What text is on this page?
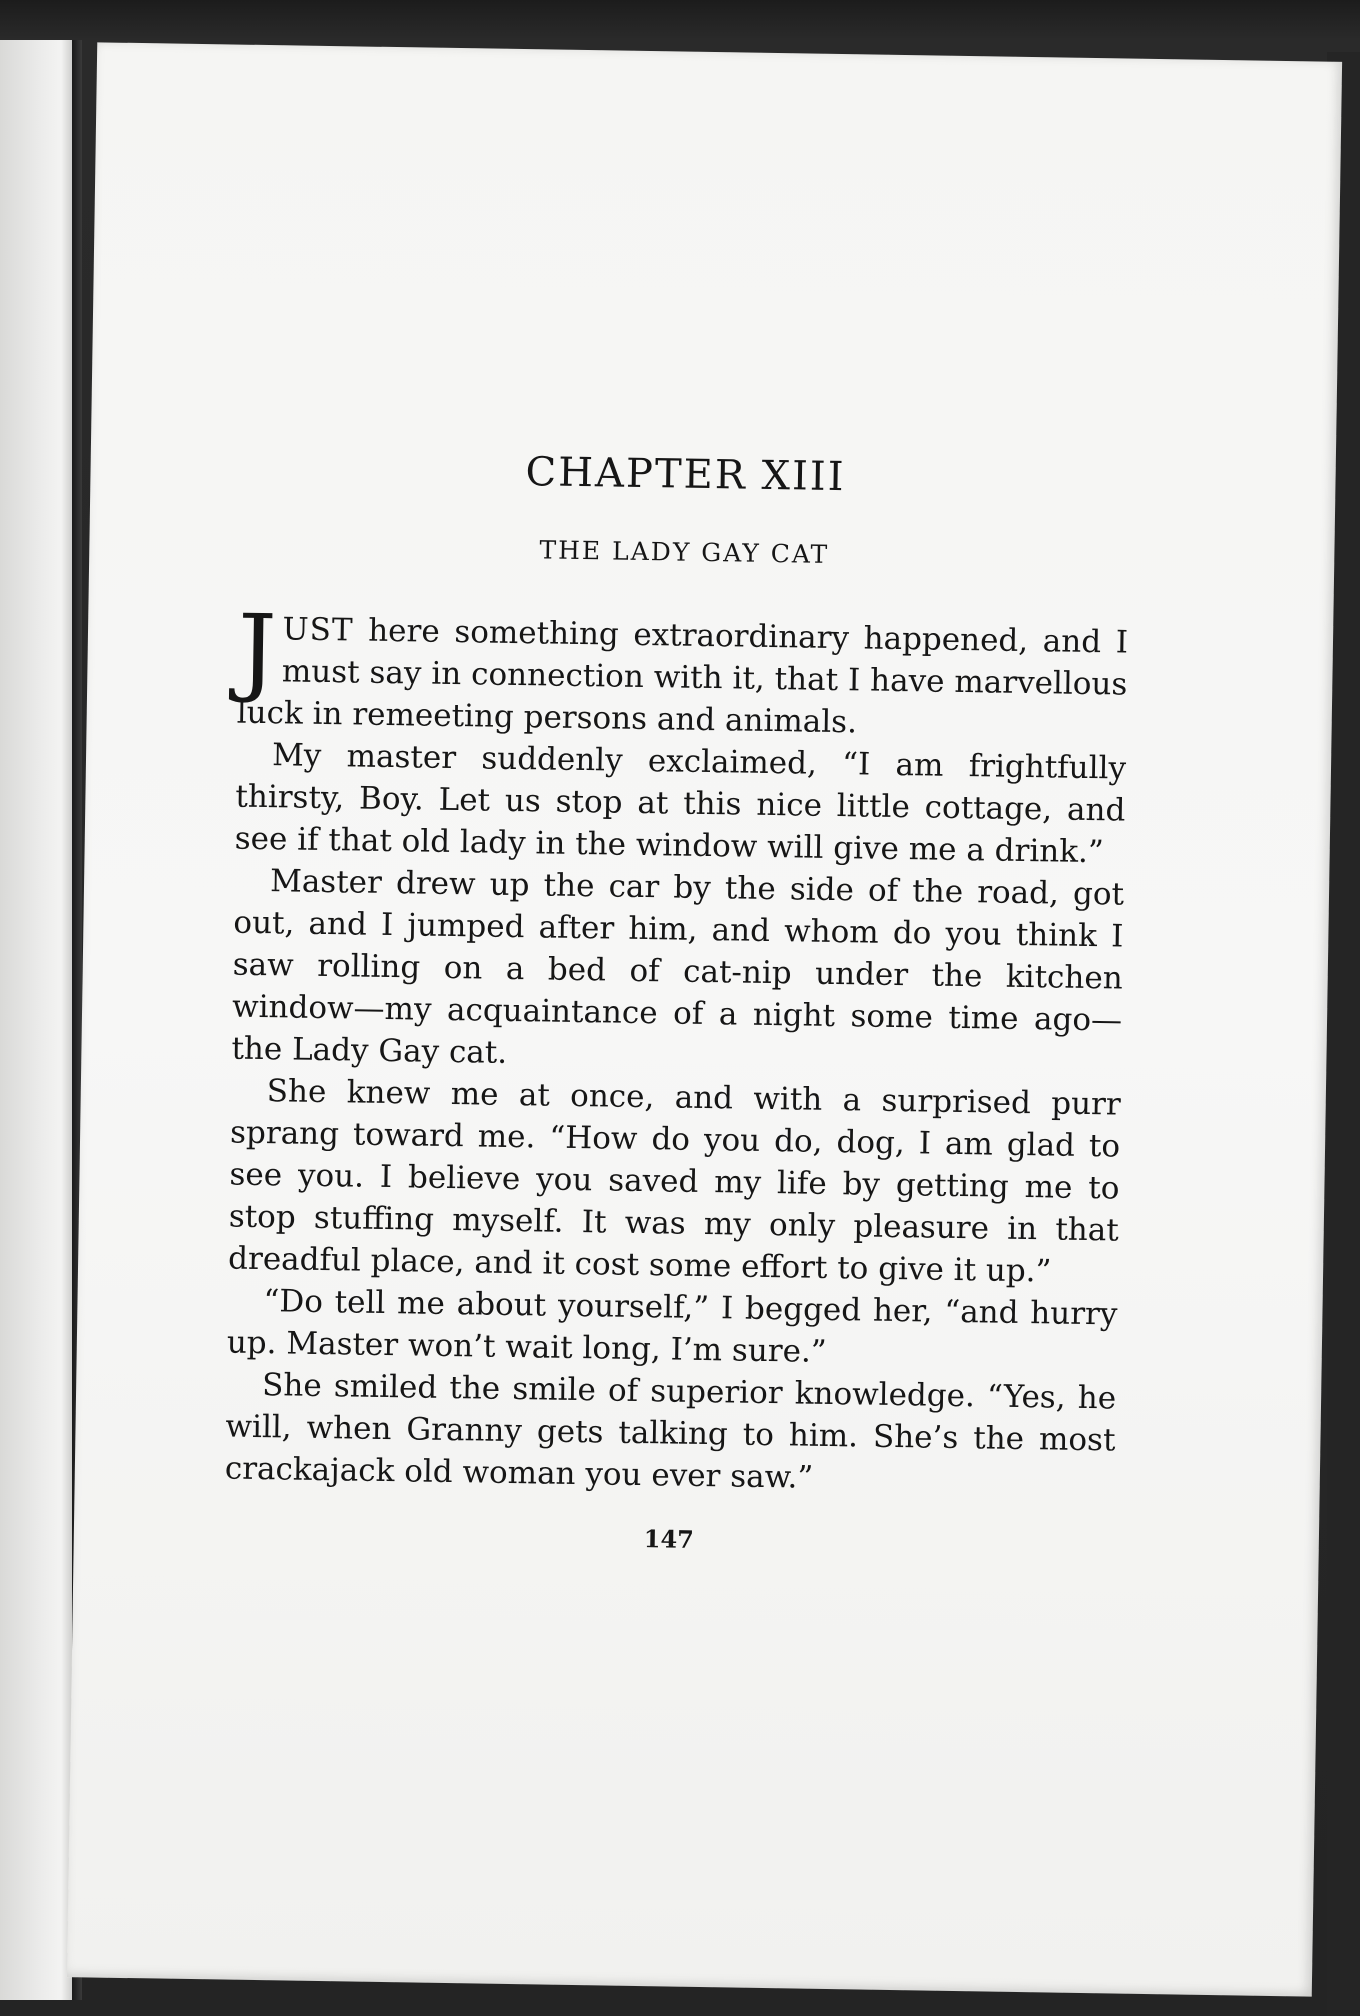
CHAPTER XIII
THE LADY GAY CAT

JUST here something extraordinary happened, and I must say in connection with it, that I have marvellous luck in remeeting persons and animals.

My master suddenly exclaimed, “I am frightfully thirsty, Boy. Let us stop at this nice little cottage, and see if that old lady in the window will give me a drink.”

Master drew up the car by the side of the road, got out, and I jumped after him, and whom do you think I saw rolling on a bed of cat-nip under the kitchen window—my acquaintance of a night some time ago—the Lady Gay cat.

She knew me at once, and with a surprised purr sprang toward me. “How do you do, dog, I am glad to see you. I believe you saved my life by getting me to stop stuffing myself. It was my only pleasure in that dreadful place, and it cost some effort to give it up.”

“Do tell me about yourself,” I begged her, “and hurry up. Master won’t wait long, I’m sure.”

She smiled the smile of superior knowledge. “Yes, he will, when Granny gets talking to him. She’s the most crackajack old woman you ever saw.”

147
